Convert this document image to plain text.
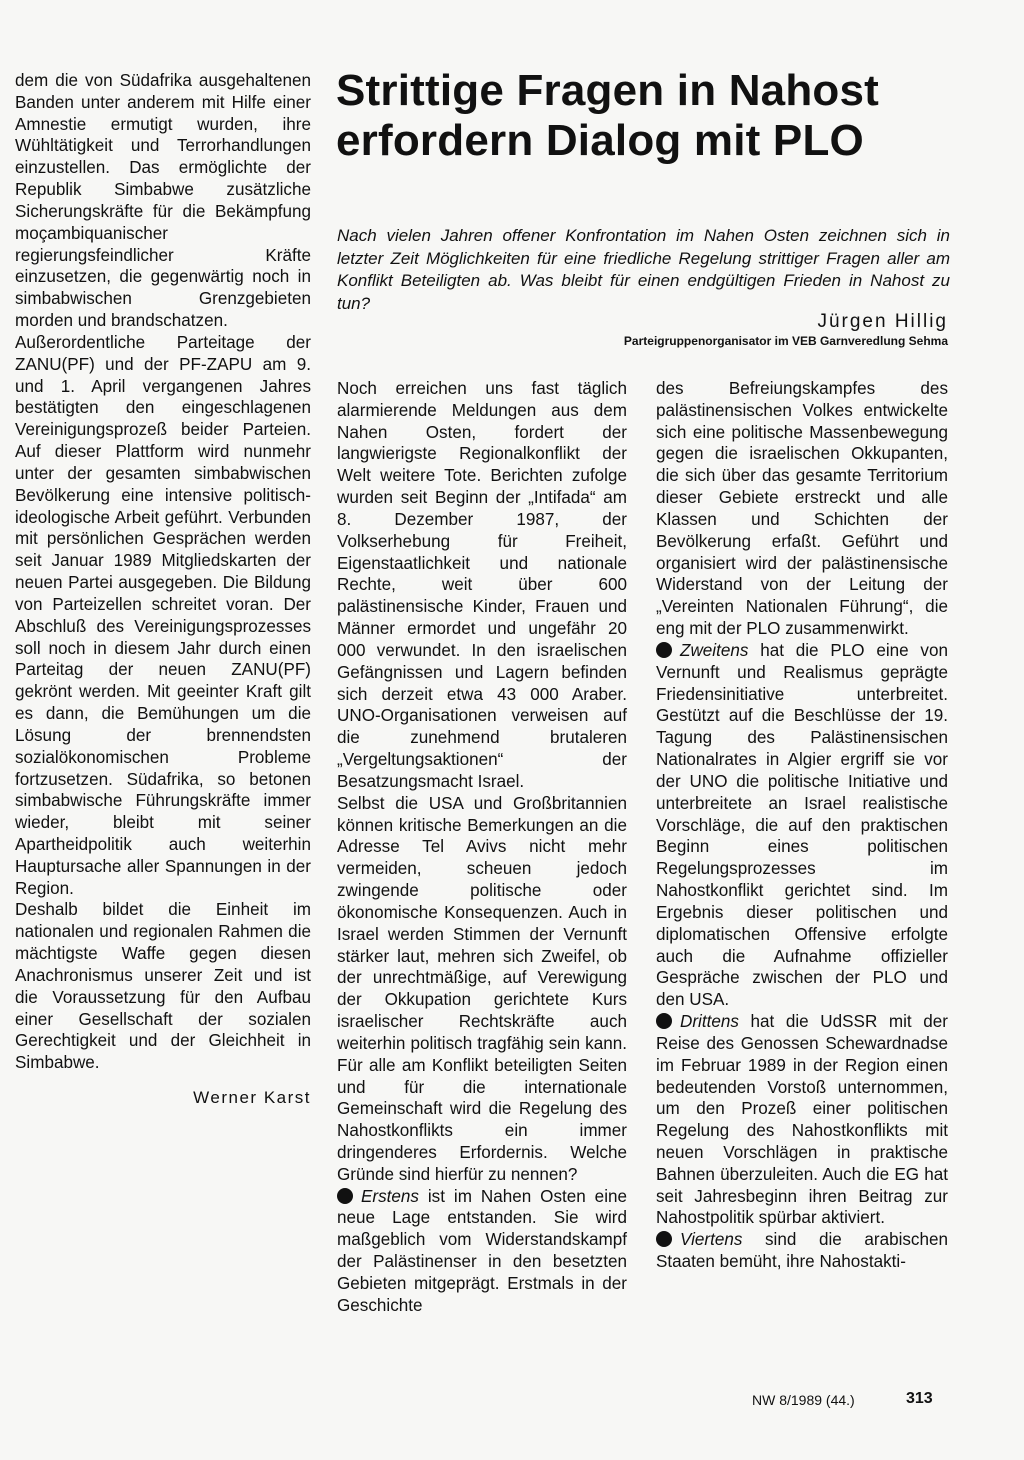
Strittige Fragen in Nahost erfordern Dialog mit PLO

Nach vielen Jahren offener Konfrontation im Nahen Osten zeichnen sich in letzter Zeit Möglichkeiten für eine friedliche Regelung strittiger Fragen aller am Konflikt Beteiligten ab. Was bleibt für einen endgültigen Frieden in Nahost zu tun?

Jürgen Hillig
Parteigruppenorganisator im VEB Garnveredlung Sehma

dem die von Südafrika ausgehaltenen Banden unter anderem mit Hilfe einer Amnestie ermutigt wurden, ihre Wühltätigkeit und Terrorhandlungen einzustellen. Das ermöglichte der Republik Simbabwe zusätzliche Sicherungskräfte für die Bekämpfung moçambiquanischer regierungsfeindlicher Kräfte einzusetzen, die gegenwärtig noch in simbabwischen Grenzgebieten morden und brandschatzen.

Außerordentliche Parteitage der ZANU(PF) und der PF-ZAPU am 9. und 1. April vergangenen Jahres bestätigten den eingeschlagenen Vereinigungsprozeß beider Parteien. Auf dieser Plattform wird nunmehr unter der gesamten simbabwischen Bevölkerung eine intensive politisch-ideologische Arbeit geführt. Verbunden mit persönlichen Gesprächen werden seit Januar 1989 Mitgliedskarten der neuen Partei ausgegeben. Die Bildung von Parteizellen schreitet voran. Der Abschluß des Vereinigungsprozesses soll noch in diesem Jahr durch einen Parteitag der neuen ZANU(PF) gekrönt werden. Mit geeinter Kraft gilt es dann, die Bemühungen um die Lösung der brennendsten sozialökonomischen Probleme fortzusetzen. Südafrika, so betonen simbabwische Führungskräfte immer wieder, bleibt mit seiner Apartheidpolitik auch weiterhin Hauptursache aller Spannungen in der Region.

Deshalb bildet die Einheit im nationalen und regionalen Rahmen die mächtigste Waffe gegen diesen Anachronismus unserer Zeit und ist die Voraussetzung für den Aufbau einer Gesellschaft der sozialen Gerechtigkeit und der Gleichheit in Simbabwe.

Werner Karst

Noch erreichen uns fast täglich alarmierende Meldungen aus dem Nahen Osten, fordert der langwierigste Regionalkonflikt der Welt weitere Tote. Berichten zufolge wurden seit Beginn der „Intifada“ am 8. Dezember 1987, der Volkserhebung für Freiheit, Eigenstaatlichkeit und nationale Rechte, weit über 600 palästinensische Kinder, Frauen und Männer ermordet und ungefähr 20 000 verwundet. In den israelischen Gefängnissen und Lagern befinden sich derzeit etwa 43 000 Araber. UNO-Organisationen verweisen auf die zunehmend brutaleren „Vergeltungsaktionen“ der Besatzungsmacht Israel.

Selbst die USA und Großbritannien können kritische Bemerkungen an die Adresse Tel Avivs nicht mehr vermeiden, scheuen jedoch zwingende politische oder ökonomische Konsequenzen. Auch in Israel werden Stimmen der Vernunft stärker laut, mehren sich Zweifel, ob der unrechtmäßige, auf Verewigung der Okkupation gerichtete Kurs israelischer Rechtskräfte auch weiterhin politisch tragfähig sein kann. Für alle am Konflikt beteiligten Seiten und für die internationale Gemeinschaft wird die Regelung des Nahostkonflikts ein immer dringenderes Erfordernis. Welche Gründe sind hierfür zu nennen?

Erstens ist im Nahen Osten eine neue Lage entstanden. Sie wird maßgeblich vom Widerstandskampf der Palästinenser in den besetzten Gebieten mitgeprägt. Erstmals in der Geschichte

des Befreiungskampfes des palästinensischen Volkes entwickelte sich eine politische Massenbewegung gegen die israelischen Okkupanten, die sich über das gesamte Territorium dieser Gebiete erstreckt und alle Klassen und Schichten der Bevölkerung erfaßt. Geführt und organisiert wird der palästinensische Widerstand von der Leitung der „Vereinten Nationalen Führung“, die eng mit der PLO zusammenwirkt.

Zweitens hat die PLO eine von Vernunft und Realismus geprägte Friedensinitiative unterbreitet. Gestützt auf die Beschlüsse der 19. Tagung des Palästinensischen Nationalrates in Algier ergriff sie vor der UNO die politische Initiative und unterbreitete an Israel realistische Vorschläge, die auf den praktischen Beginn eines politischen Regelungsprozesses im Nahostkonflikt gerichtet sind. Im Ergebnis dieser politischen und diplomatischen Offensive erfolgte auch die Aufnahme offizieller Gespräche zwischen der PLO und den USA.

Drittens hat die UdSSR mit der Reise des Genossen Schewardnadse im Februar 1989 in der Region einen bedeutenden Vorstoß unternommen, um den Prozeß einer politischen Regelung des Nahostkonflikts mit neuen Vorschlägen in praktische Bahnen überzuleiten. Auch die EG hat seit Jahresbeginn ihren Beitrag zur Nahostpolitik spürbar aktiviert.

Viertens sind die arabischen Staaten bemüht, ihre Nahostakti-

NW 8/1989 (44.)	313
